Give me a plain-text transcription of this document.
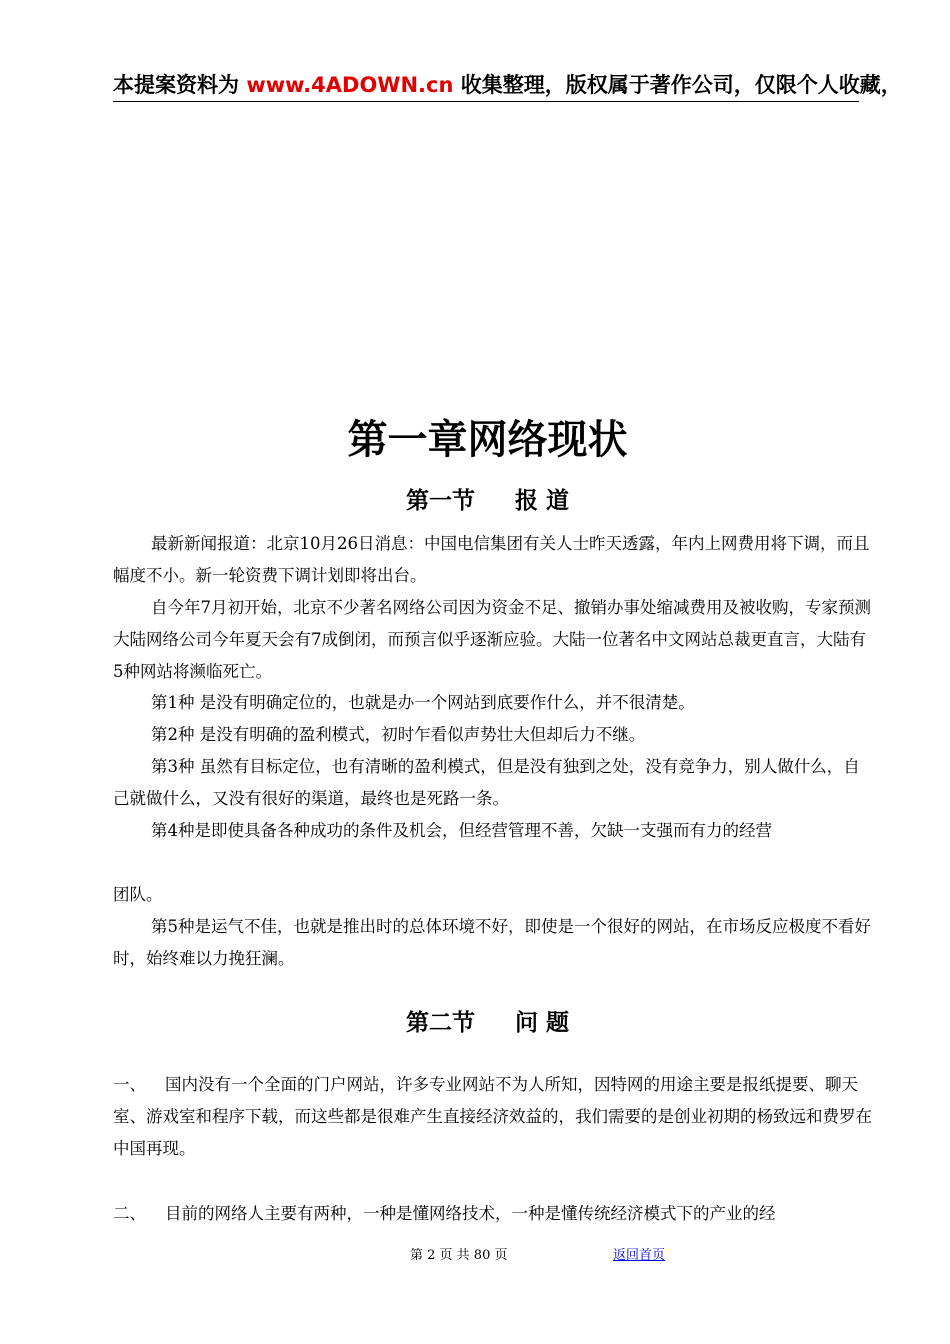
本提案资料为 www.4ADOWN.cn 收集整理，版权属于著作公司，仅限个人收藏，
第一章网络现状
第一节 报 道

最新新闻报道：北京10月26日消息：中国电信集团有关人士昨天透露，年内上网费用将下调，而且幅度不小。新一轮资费下调计划即将出台。

自今年7月初开始，北京不少著名网络公司因为资金不足、撤销办事处缩减费用及被收购，专家预测大陆网络公司今年夏天会有7成倒闭，而预言似乎逐渐应验。大陆一位著名中文网站总裁更直言，大陆有5种网站将濒临死亡。

第1种 是没有明确定位的，也就是办一个网站到底要作什么，并不很清楚。

第2种 是没有明确的盈利模式，初时乍看似声势壮大但却后力不继。

第3种 虽然有目标定位，也有清晰的盈利模式，但是没有独到之处，没有竞争力，别人做什么，自己就做什么，又没有很好的渠道，最终也是死路一条。

第4种是即使具备各种成功的条件及机会，但经营管理不善，欠缺一支强而有力的经营

团队。

第5种是运气不佳，也就是推出时的总体环境不好，即使是一个很好的网站，在市场反应极度不看好时，始终难以力挽狂澜。

第二节 问 题

一、 国内没有一个全面的门户网站，许多专业网站不为人所知，因特网的用途主要是报纸提要、聊天室、游戏室和程序下载，而这些都是很难产生直接经济效益的，我们需要的是创业初期的杨致远和费罗在中国再现。

二、 目前的网络人主要有两种，一种是懂网络技术，一种是懂传统经济模式下的产业的经

第 2 页 共 80 页	返回首页
